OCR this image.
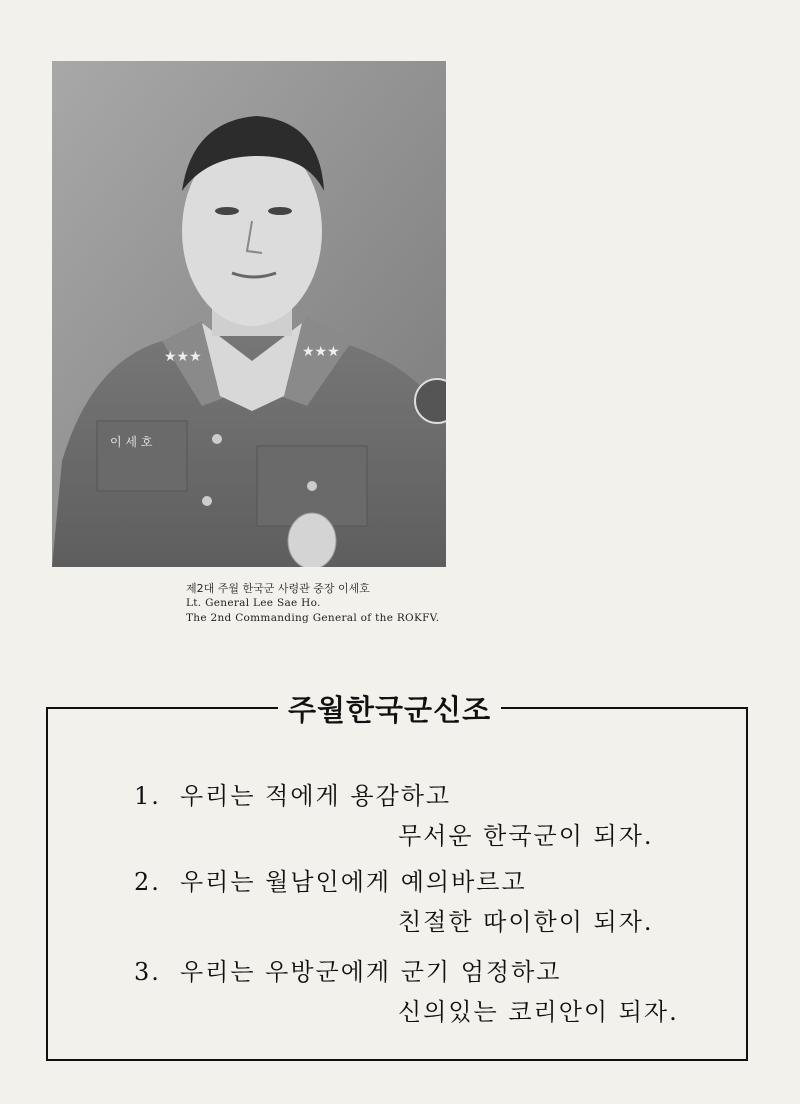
★★★	★★★
이 세 호
제2대 주월 한국군 사령관 중장 이세호
Lt. General Lee Sae Ho.
The 2nd Commanding General of the ROKFV.
주월한국군신조
1. 우리는 적에게 용감하고
무서운 한국군이 되자.
2. 우리는 월남인에게 예의바르고
친절한 따이한이 되자.
3. 우리는 우방군에게 군기 엄정하고
신의있는 코리안이 되자.
